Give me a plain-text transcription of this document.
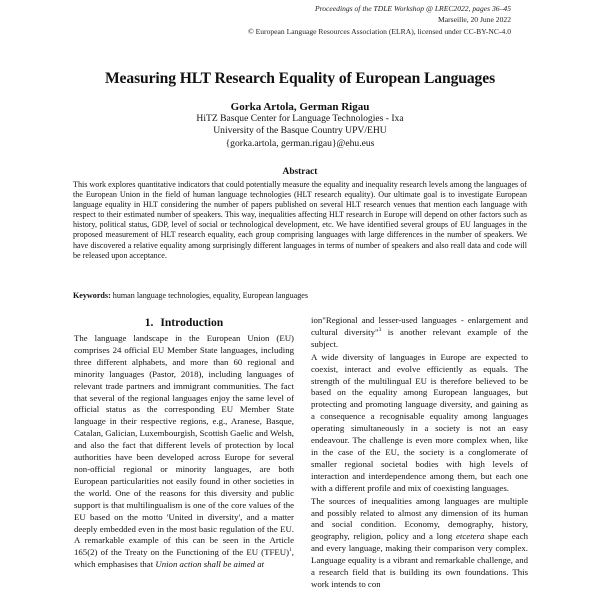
Proceedings of the TDLE Workshop @ LREC2022, pages 36–45
Marseille, 20 June 2022
© European Language Resources Association (ELRA), licensed under CC-BY-NC-4.0
Measuring HLT Research Equality of European Languages
Gorka Artola, German Rigau
HiTZ Basque Center for Language Technologies - Ixa
University of the Basque Country UPV/EHU
{gorka.artola, german.rigau}@ehu.eus
Abstract
This work explores quantitative indicators that could potentially measure the equality and inequality research levels among the languages of the European Union in the field of human language technologies (HLT research equality). Our ultimate goal is to investigate European language equality in HLT considering the number of papers published on several HLT research venues that mention each language with respect to their estimated number of speakers. This way, inequalities affecting HLT research in Europe will depend on other factors such as history, political status, GDP, level of social or technological development, etc. We have identified several groups of EU languages in the proposed measurement of HLT research equality, each group comprising languages with large differences in the number of speakers. We have discovered a relative equality among surprisingly different languages in terms of number of speakers and also reall data and code will be released upon acceptance.
Keywords: human language technologies, equality, European languages
1. Introduction

The language landscape in the European Union (EU) comprises 24 official EU Member State languages, including three different alphabets, and more than 60 regional and minority languages (Pastor, 2018), including languages of relevant trade partners and immigrant communities. The fact that several of the regional languages enjoy the same level of official status as the corresponding EU Member State language in their respective regions, e.g., Aranese, Basque, Catalan, Galician, Luxembourgish, Scottish Gaelic and Welsh, and also the fact that different levels of protection by local authorities have been developed across Europe for several non-official regional or minority languages, are both European particularities not easily found in other societies in the world. One of the reasons for this diversity and public support is that multilingualism is one of the core values of the EU based on the motto 'United in diversity', and a matter deeply embedded even in the most basic regulation of the EU. A remarkable example of this can be seen in the Article 165(2) of the Treaty on the Functioning of the EU (TFEU)$^1$, which emphasises that Union action shall be aimed at

ion"Regional and lesser-used languages - enlargement and cultural diversity"$^3$ is another relevant example of the subject.

A wide diversity of languages in Europe are expected to coexist, interact and evolve efficiently as equals. The strength of the multilingual EU is therefore believed to be based on the equality among European languages, but protecting and promoting language diversity, and gaining as a consequence a recognisable equality among languages operating simultaneously in a society is not an easy endeavour. The challenge is even more complex when, like in the case of the EU, the society is a conglomerate of smaller regional societal bodies with high levels of interaction and interdependence among them, but each one with a different profile and mix of coexisting languages.

The sources of inequalities among languages are multiple and possibly related to almost any dimension of its human and social condition. Economy, demography, history, geography, religion, policy and a long etcetera shape each and every language, making their comparison very complex. Language equality is a vibrant and remarkable challenge, and a research field that is building its own foundations. This work intends to con
